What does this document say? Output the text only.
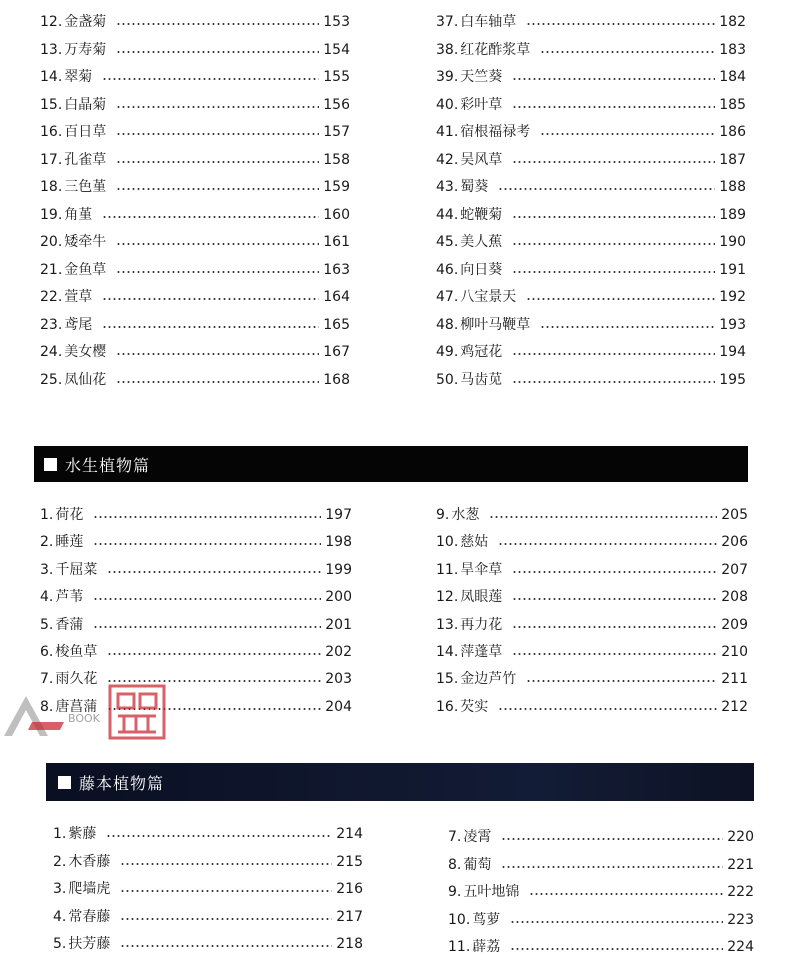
12. 金盏菊	153
13. 万寿菊	154
14. 翠菊	155
15. 白晶菊	156
16. 百日草	157
17. 孔雀草	158
18. 三色堇	159
19. 角堇	160
20. 矮牵牛	161
21. 金鱼草	163
22. 萱草	164
23. 鸢尾	165
24. 美女樱	167
25. 凤仙花	168
37. 白车轴草	182
38. 红花酢浆草	183
39. 天竺葵	184
40. 彩叶草	185
41. 宿根福禄考	186
42. 吴风草	187
43. 蜀葵	188
44. 蛇鞭菊	189
45. 美人蕉	190
46. 向日葵	191
47. 八宝景天	192
48. 柳叶马鞭草	193
49. 鸡冠花	194
50. 马齿苋	195
水生植物篇
1. 荷花	197
2. 睡莲	198
3. 千屈菜	199
4. 芦苇	200
5. 香蒲	201
6. 梭鱼草	202
7. 雨久花	203
8. 唐菖蒲	204
9. 水葱	205
10. 慈姑	206
11. 旱伞草	207
12. 凤眼莲	208
13. 再力花	209
14. 萍蓬草	210
15. 金边芦竹	211
16. 芡实	212
藤本植物篇
1. 紫藤	214
2. 木香藤	215
3. 爬墙虎	216
4. 常春藤	217
5. 扶芳藤	218
7. 凌霄	220
8. 葡萄	221
9. 五叶地锦	222
10. 茑萝	223
11. 薜荔	224
BOOK
